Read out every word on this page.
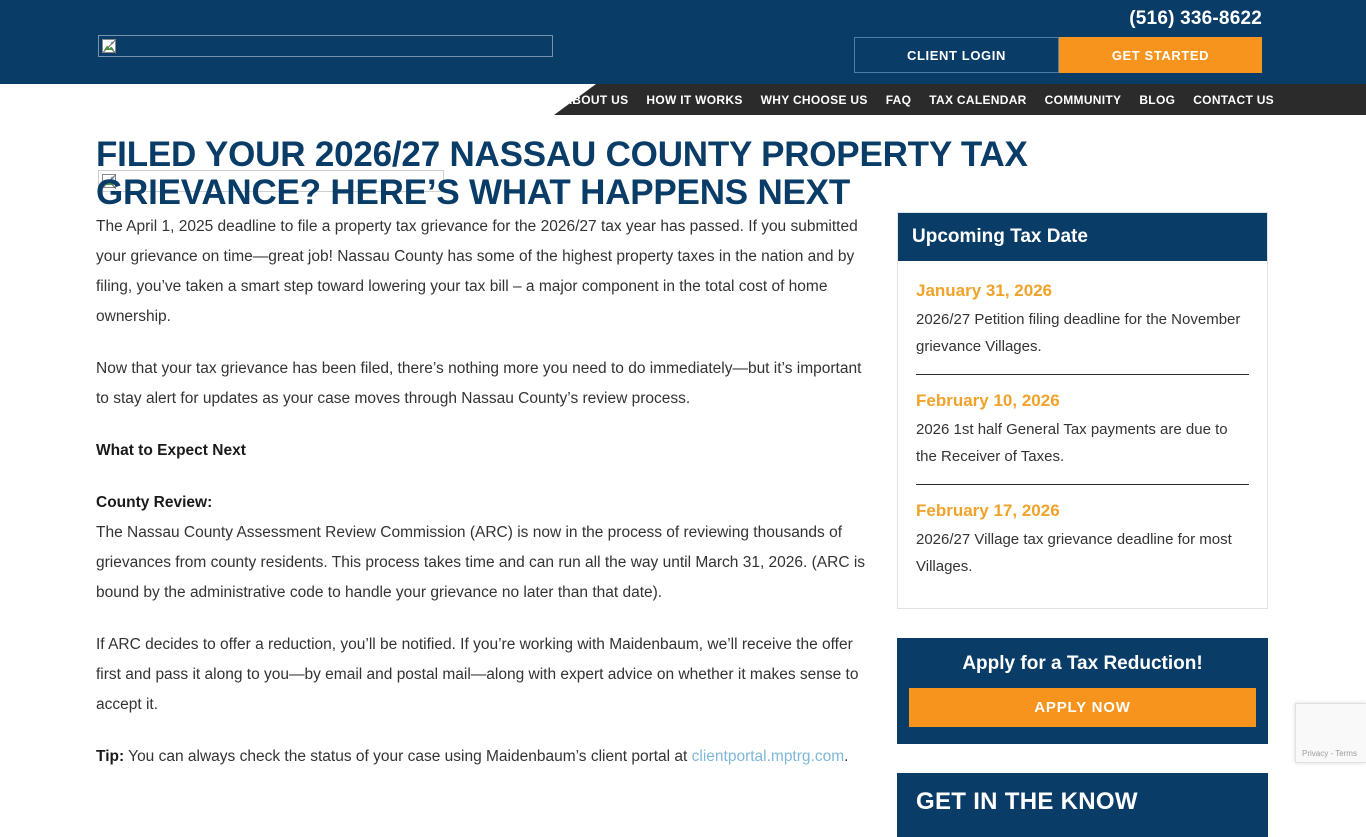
(516) 336-8622
CLIENT LOGIN	GET STARTED
ABOUT US HOW IT WORKS WHY CHOOSE US FAQ TAX CALENDAR COMMUNITY BLOG CONTACT US
FILED YOUR 2026/27 NASSAU COUNTY PROPERTY TAX GRIEVANCE? HERE’S WHAT HAPPENS NEXT

The April 1, 2025 deadline to file a property tax grievance for the 2026/27 tax year has passed. If you submitted your grievance on time—great job! Nassau County has some of the highest property taxes in the nation and by filing, you’ve taken a smart step toward lowering your tax bill – a major component in the total cost of home ownership.

Now that your tax grievance has been filed, there’s nothing more you need to do immediately—but it’s important to stay alert for updates as your case moves through Nassau County’s review process.

What to Expect Next

County Review:

The Nassau County Assessment Review Commission (ARC) is now in the process of reviewing thousands of grievances from county residents. This process takes time and can run all the way until March 31, 2026. (ARC is bound by the administrative code to handle your grievance no later than that date).

If ARC decides to offer a reduction, you’ll be notified. If you’re working with Maidenbaum, we’ll receive the offer first and pass it along to you—by email and postal mail—along with expert advice on whether it makes sense to accept it.

Tip: You can always check the status of your case using Maidenbaum’s client portal at clientportal.mptrg.com.

Upcoming Tax Date
January 31, 2026
2026/27 Petition filing deadline for the November grievance Villages.
February 10, 2026
2026 1st half General Tax payments are due to the Receiver of Taxes.
February 17, 2026
2026/27 Village tax grievance deadline for most Villages.
Apply for a Tax Reduction!
APPLY NOW
GET IN THE KNOW
Privacy - Terms
